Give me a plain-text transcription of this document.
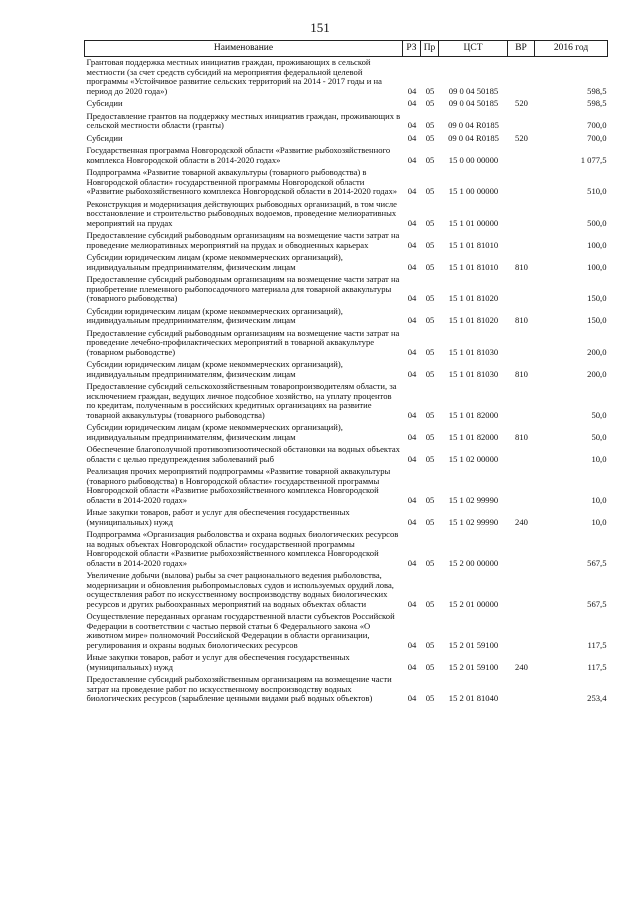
151
Наименование	РЗ	Пр	ЦСТ	ВР	2016 год
Грантовая поддержка местных инициатив граждан, проживающих в сельской местности (за счет средств субсидий на мероприятия федеральной целевой программы «Устойчивое развитие сельских территорий на 2014 - 2017 годы и на период до 2020 года»)	04	05	09 0 04 50185		598,5
Субсидии	04	05	09 0 04 50185	520	598,5
Предоставление грантов на поддержку местных инициатив граждан, проживающих в сельской местности области (гранты)	04	05	09 0 04 R0185		700,0
Субсидии	04	05	09 0 04 R0185	520	700,0
Государственная программа Новгородской области «Развитие рыбохозяйственного комплекса Новгородской области в 2014-2020 годах»	04	05	15 0 00 00000		1 077,5
Подпрограмма «Развитие товарной аквакультуры (товарного рыбоводства) в Новгородской области» государственной программы Новгородской области «Развитие рыбохозяйственного комплекса Новгородской области в 2014-2020 годах»	04	05	15 1 00 00000		510,0
Реконструкция и модернизация действующих рыбоводных организаций, в том числе восстановление и строительство рыбоводных водоемов, проведение мелиоративных мероприятий на прудах	04	05	15 1 01 00000		500,0
Предоставление субсидий рыбоводным организациям на возмещение части затрат на проведение мелиоративных мероприятий на прудах и обводненных карьерах	04	05	15 1 01 81010		100,0
Субсидии юридическим лицам (кроме некоммерческих организаций), индивидуальным предпринимателям, физическим лицам	04	05	15 1 01 81010	810	100,0
Предоставление субсидий рыбоводным организациям на возмещение части затрат на приобретение племенного рыбопосадочного материала для товарной аквакультуры (товарного рыбоводства)	04	05	15 1 01 81020		150,0
Субсидии юридическим лицам (кроме некоммерческих организаций), индивидуальным предпринимателям, физическим лицам	04	05	15 1 01 81020	810	150,0
Предоставление субсидий рыбоводным организациям на возмещение части затрат на проведение лечебно-профилактических мероприятий в товарной аквакультуре (товарном рыбоводстве)	04	05	15 1 01 81030		200,0
Субсидии юридическим лицам (кроме некоммерческих организаций), индивидуальным предпринимателям, физическим лицам	04	05	15 1 01 81030	810	200,0
Предоставление субсидий сельскохозяйственным товаропроизводителям области, за исключением граждан, ведущих личное подсобное хозяйство, на уплату процентов по кредитам, полученным в российских кредитных организациях на развитие товарной аквакультуры (товарного рыбоводства)	04	05	15 1 01 82000		50,0
Субсидии юридическим лицам (кроме некоммерческих организаций), индивидуальным предпринимателям, физическим лицам	04	05	15 1 01 82000	810	50,0
Обеспечение благополучной противоэпизоотической обстановки на водных объектах области с целью предупреждения заболеваний рыб	04	05	15 1 02 00000		10,0
Реализация прочих мероприятий подпрограммы «Развитие товарной аквакультуры (товарного рыбоводства) в Новгородской области» государственной программы Новгородской области «Развитие рыбохозяйственного комплекса Новгородской области в 2014-2020 годах»	04	05	15 1 02 99990		10,0
Иные закупки товаров, работ и услуг для обеспечения государственных (муниципальных) нужд	04	05	15 1 02 99990	240	10,0
Подпрограмма «Организация рыболовства и охрана водных биологических ресурсов на водных объектах Новгородской области» государственной программы Новгородской области «Развитие рыбохозяйственного комплекса Новгородской области в 2014-2020 годах»	04	05	15 2 00 00000		567,5
Увеличение добычи (вылова) рыбы за счет рационального ведения рыболовства, модернизации и обновления рыбопромысловых судов и используемых орудий лова, осуществления работ по искусственному воспроизводству водных биологических ресурсов и других рыбоохранных мероприятий на водных объектах области	04	05	15 2 01 00000		567,5
Осуществление переданных органам государственной власти субъектов Российской Федерации в соответствии с частью первой статьи 6 Федерального закона «О животном мире» полномочий Российской Федерации в области организации, регулирования и охраны водных биологических ресурсов	04	05	15 2 01 59100		117,5
Иные закупки товаров, работ и услуг для обеспечения государственных (муниципальных) нужд	04	05	15 2 01 59100	240	117,5
Предоставление субсидий рыбохозяйственным организациям на возмещение части затрат на проведение работ по искусственному воспроизводству водных биологических ресурсов (зарыбление ценными видами рыб водных объектов)	04	05	15 2 01 81040		253,4
